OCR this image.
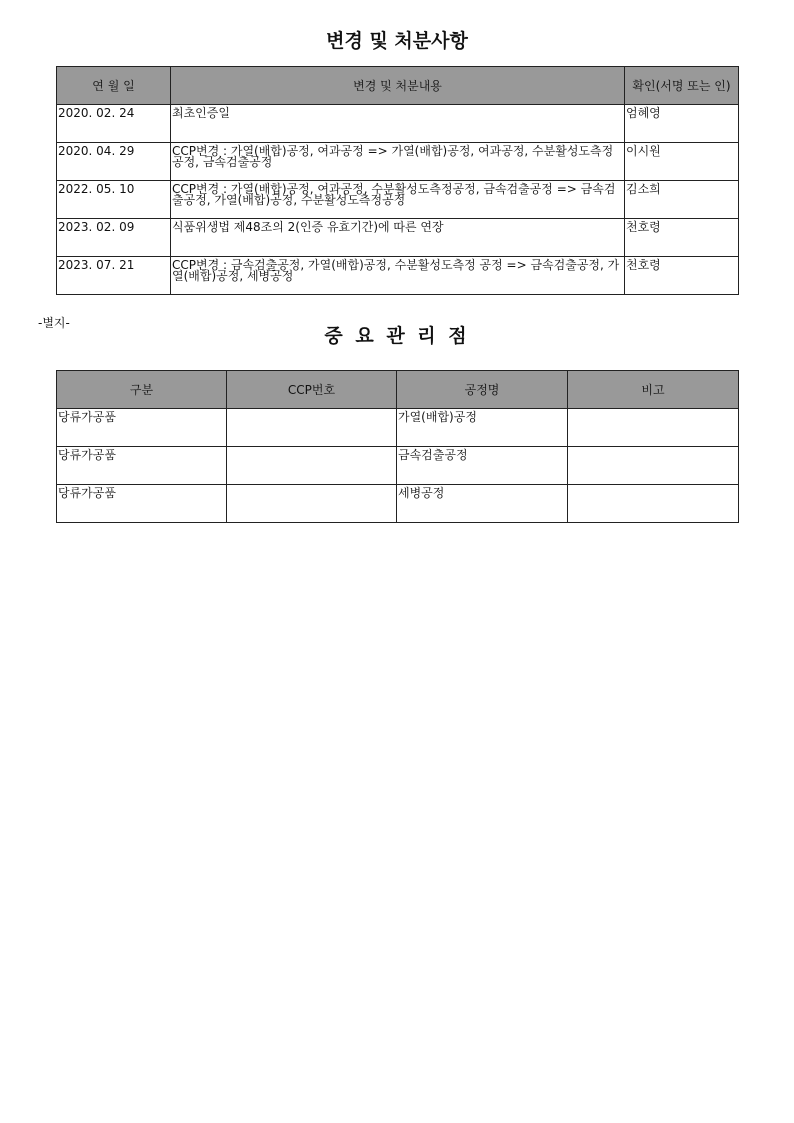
변경 및 처분사항
연 월 일	변경 및 처분내용	확인(서명 또는 인)
2020. 02. 24	최초인증일	엄혜영
2020. 04. 29	CCP변경 : 가열(배합)공정, 여과공정 => 가열(배합)공정, 여과공정, 수분활성도측정공정, 금속검출공정	이시원
2022. 05. 10	CCP변경 : 가열(배합)공정, 여과공정, 수분활성도측정공정, 금속검출공정 => 금속검출공정, 가열(배합)공정, 수분활성도측정공정	김소희
2023. 02. 09	식품위생법 제48조의 2(인증 유효기간)에 따른 연장	천호령
2023. 07. 21	CCP변경 : 금속검출공정, 가열(배합)공정, 수분활성도측정 공정 => 금속검출공정, 가열(배합)공정, 세병공정	천호령
-별지-
중 요 관 리 점
구분	CCP번호	공정명	비고
당류가공품		가열(배합)공정	
당류가공품		금속검출공정	
당류가공품		세병공정	
